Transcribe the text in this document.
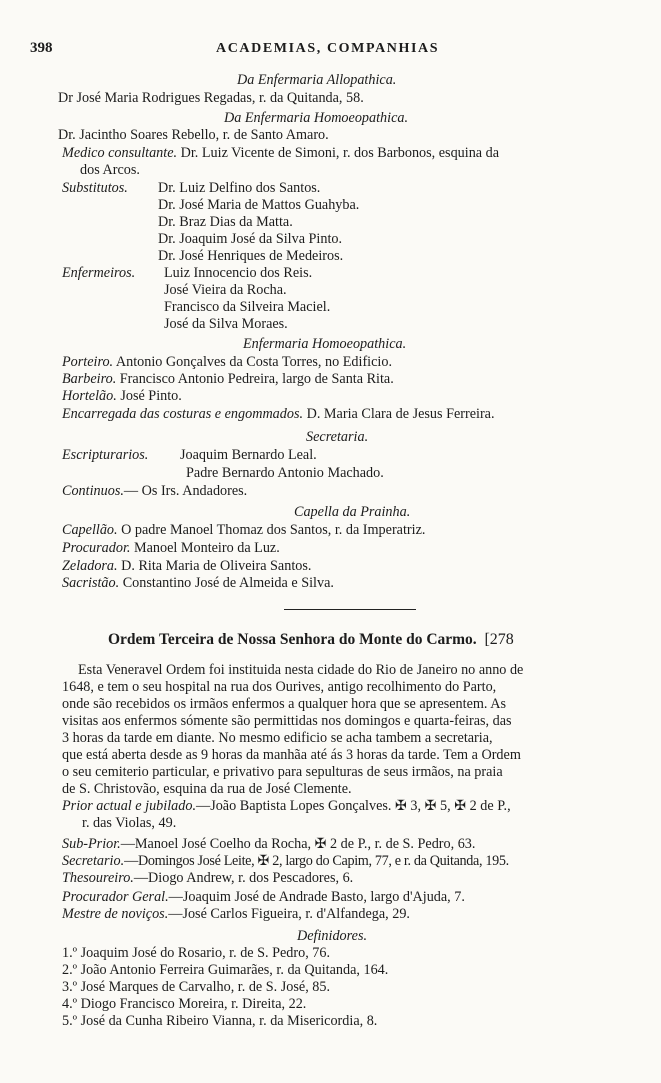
398	ACADEMIAS, COMPANHIAS
Da Enfermaria Allopathica.
Dr José Maria Rodrigues Regadas, r. da Quitanda, 58.
Da Enfermaria Homoeopathica.
Dr. Jacintho Soares Rebello, r. de Santo Amaro.
Medico consultante. Dr. Luiz Vicente de Simoni, r. dos Barbonos, esquina da
dos Arcos.
Substitutos. Dr. Luiz Delfino dos Santos.
Dr. José Maria de Mattos Guahyba.
Dr. Braz Dias da Matta.
Dr. Joaquim José da Silva Pinto.
Dr. José Henriques de Medeiros.
Enfermeiros. Luiz Innocencio dos Reis.
José Vieira da Rocha.
Francisco da Silveira Maciel.
José da Silva Moraes.
Enfermaria Homoeopathica.
Porteiro. Antonio Gonçalves da Costa Torres, no Edificio.
Barbeiro. Francisco Antonio Pedreira, largo de Santa Rita.
Hortelão. José Pinto.
Encarregada das costuras e engommados. D. Maria Clara de Jesus Ferreira.
Secretaria.
Escripturarios. Joaquim Bernardo Leal.
Padre Bernardo Antonio Machado.
Continuos.— Os Irs. Andadores.
Capella da Prainha.
Capellão. O padre Manoel Thomaz dos Santos, r. da Imperatriz.
Procurador. Manoel Monteiro da Luz.
Zeladora. D. Rita Maria de Oliveira Santos.
Sacristão. Constantino José de Almeida e Silva.
Ordem Terceira de Nossa Senhora do Monte do Carmo. [278
Esta Veneravel Ordem foi instituida nesta cidade do Rio de Janeiro no anno de
1648, e tem o seu hospital na rua dos Ourives, antigo recolhimento do Parto,
onde são recebidos os irmãos enfermos a qualquer hora que se apresentem. As
visitas aos enfermos sómente são permittidas nos domingos e quarta-feiras, das
3 horas da tarde em diante. No mesmo edificio se acha tambem a secretaria,
que está aberta desde as 9 horas da manhãa até ás 3 horas da tarde. Tem a Ordem
o seu cemiterio particular, e privativo para sepulturas de seus irmãos, na praia
de S. Christovão, esquina da rua de José Clemente.
Prior actual e jubilado.—João Baptista Lopes Gonçalves. ✠ 3, ✠ 5, ✠ 2 de P.,
r. das Violas, 49.
Sub-Prior.—Manoel José Coelho da Rocha, ✠ 2 de P., r. de S. Pedro, 63.
Secretario.—Domingos José Leite, ✠ 2, largo do Capim, 77, e r. da Quitanda, 195.
Thesoureiro.—Diogo Andrew, r. dos Pescadores, 6.
Procurador Geral.—Joaquim José de Andrade Basto, largo d'Ajuda, 7.
Mestre de noviços.—José Carlos Figueira, r. d'Alfandega, 29.
Definidores.
1.º Joaquim José do Rosario, r. de S. Pedro, 76.
2.º João Antonio Ferreira Guimarães, r. da Quitanda, 164.
3.º José Marques de Carvalho, r. de S. José, 85.
4.º Diogo Francisco Moreira, r. Direita, 22.
5.º José da Cunha Ribeiro Vianna, r. da Misericordia, 8.
